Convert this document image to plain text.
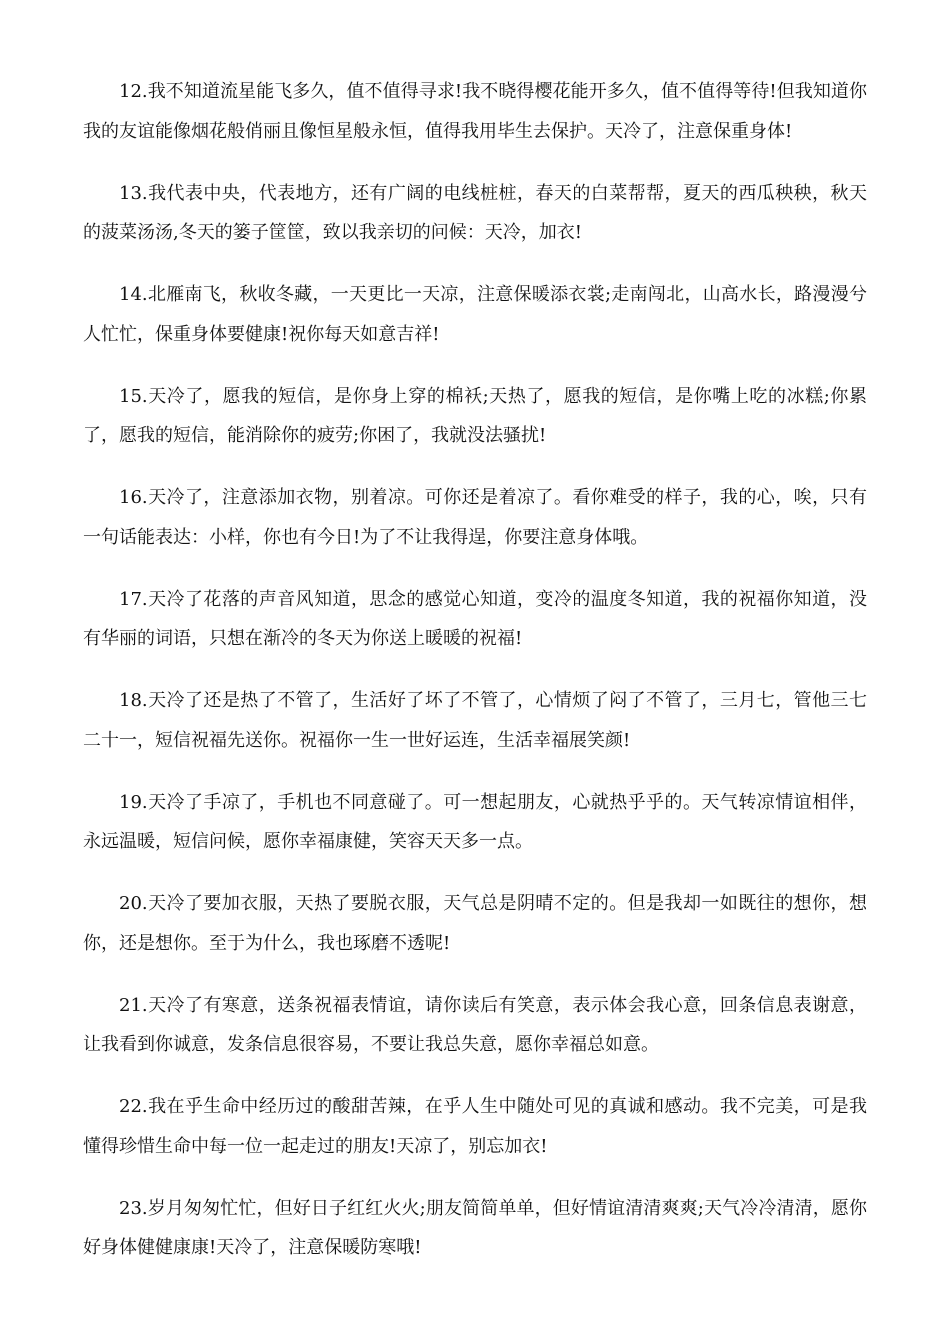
12.我不知道流星能飞多久，值不值得寻求!我不晓得樱花能开多久，值不值得等待!但我知道你我的友谊能像烟花般俏丽且像恒星般永恒，值得我用毕生去保护。天冷了，注意保重身体!

13.我代表中央，代表地方，还有广阔的电线桩桩，春天的白菜帮帮，夏天的西瓜秧秧，秋天的菠菜汤汤,冬天的篓子筐筐，致以我亲切的问候：天冷，加衣!

14.北雁南飞，秋收冬藏，一天更比一天凉，注意保暖添衣裳;走南闯北，山高水长，路漫漫兮人忙忙，保重身体要健康!祝你每天如意吉祥!

15.天冷了，愿我的短信，是你身上穿的棉袄;天热了，愿我的短信，是你嘴上吃的冰糕;你累了，愿我的短信，能消除你的疲劳;你困了，我就没法骚扰!

16.天冷了，注意添加衣物，别着凉。可你还是着凉了。看你难受的样子，我的心，唉，只有一句话能表达：小样，你也有今日!为了不让我得逞，你要注意身体哦。

17.天冷了花落的声音风知道，思念的感觉心知道，变冷的温度冬知道，我的祝福你知道，没有华丽的词语，只想在渐冷的冬天为你送上暖暖的祝福!

18.天冷了还是热了不管了，生活好了坏了不管了，心情烦了闷了不管了，三月七，管他三七二十一，短信祝福先送你。祝福你一生一世好运连，生活幸福展笑颜!

19.天冷了手凉了，手机也不同意碰了。可一想起朋友，心就热乎乎的。天气转凉情谊相伴，永远温暖，短信问候，愿你幸福康健，笑容天天多一点。

20.天冷了要加衣服，天热了要脱衣服，天气总是阴晴不定的。但是我却一如既往的想你，想你，还是想你。至于为什么，我也琢磨不透呢!

21.天冷了有寒意，送条祝福表情谊，请你读后有笑意，表示体会我心意，回条信息表谢意，让我看到你诚意，发条信息很容易，不要让我总失意，愿你幸福总如意。

22.我在乎生命中经历过的酸甜苦辣，在乎人生中随处可见的真诚和感动。我不完美，可是我懂得珍惜生命中每一位一起走过的朋友!天凉了，别忘加衣!

23.岁月匆匆忙忙，但好日子红红火火;朋友简简单单，但好情谊清清爽爽;天气冷冷清清，愿你好身体健健康康!天冷了，注意保暖防寒哦!
